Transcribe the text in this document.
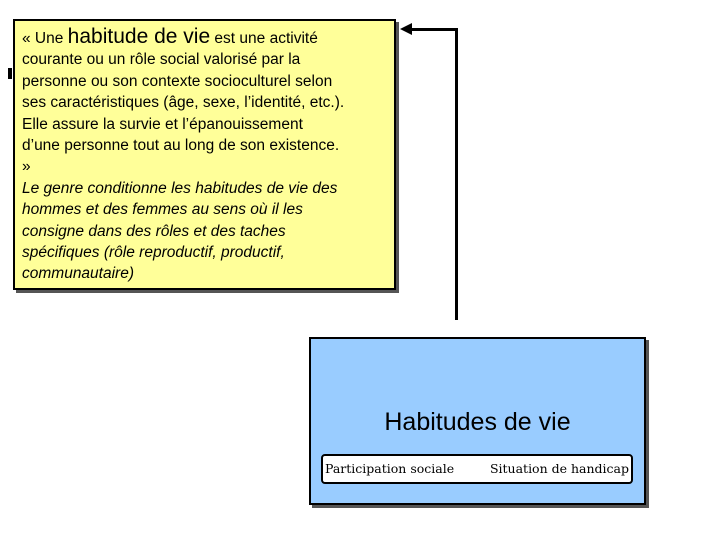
« Une habitude de vie est une activité

courante ou un rôle social valorisé par la

personne ou son contexte socioculturel selon

ses caractéristiques (âge, sexe, l’identité, etc.).

Elle assure la survie et l’épanouissement

d’une personne tout au long de son existence.

»

Le genre conditionne les habitudes de vie des

hommes et des femmes au sens où il les

consigne dans des rôles et des taches

spécifiques (rôle reproductif, productif,

communautaire)

Habitudes de vie
Participation sociale	Situation de handicap
